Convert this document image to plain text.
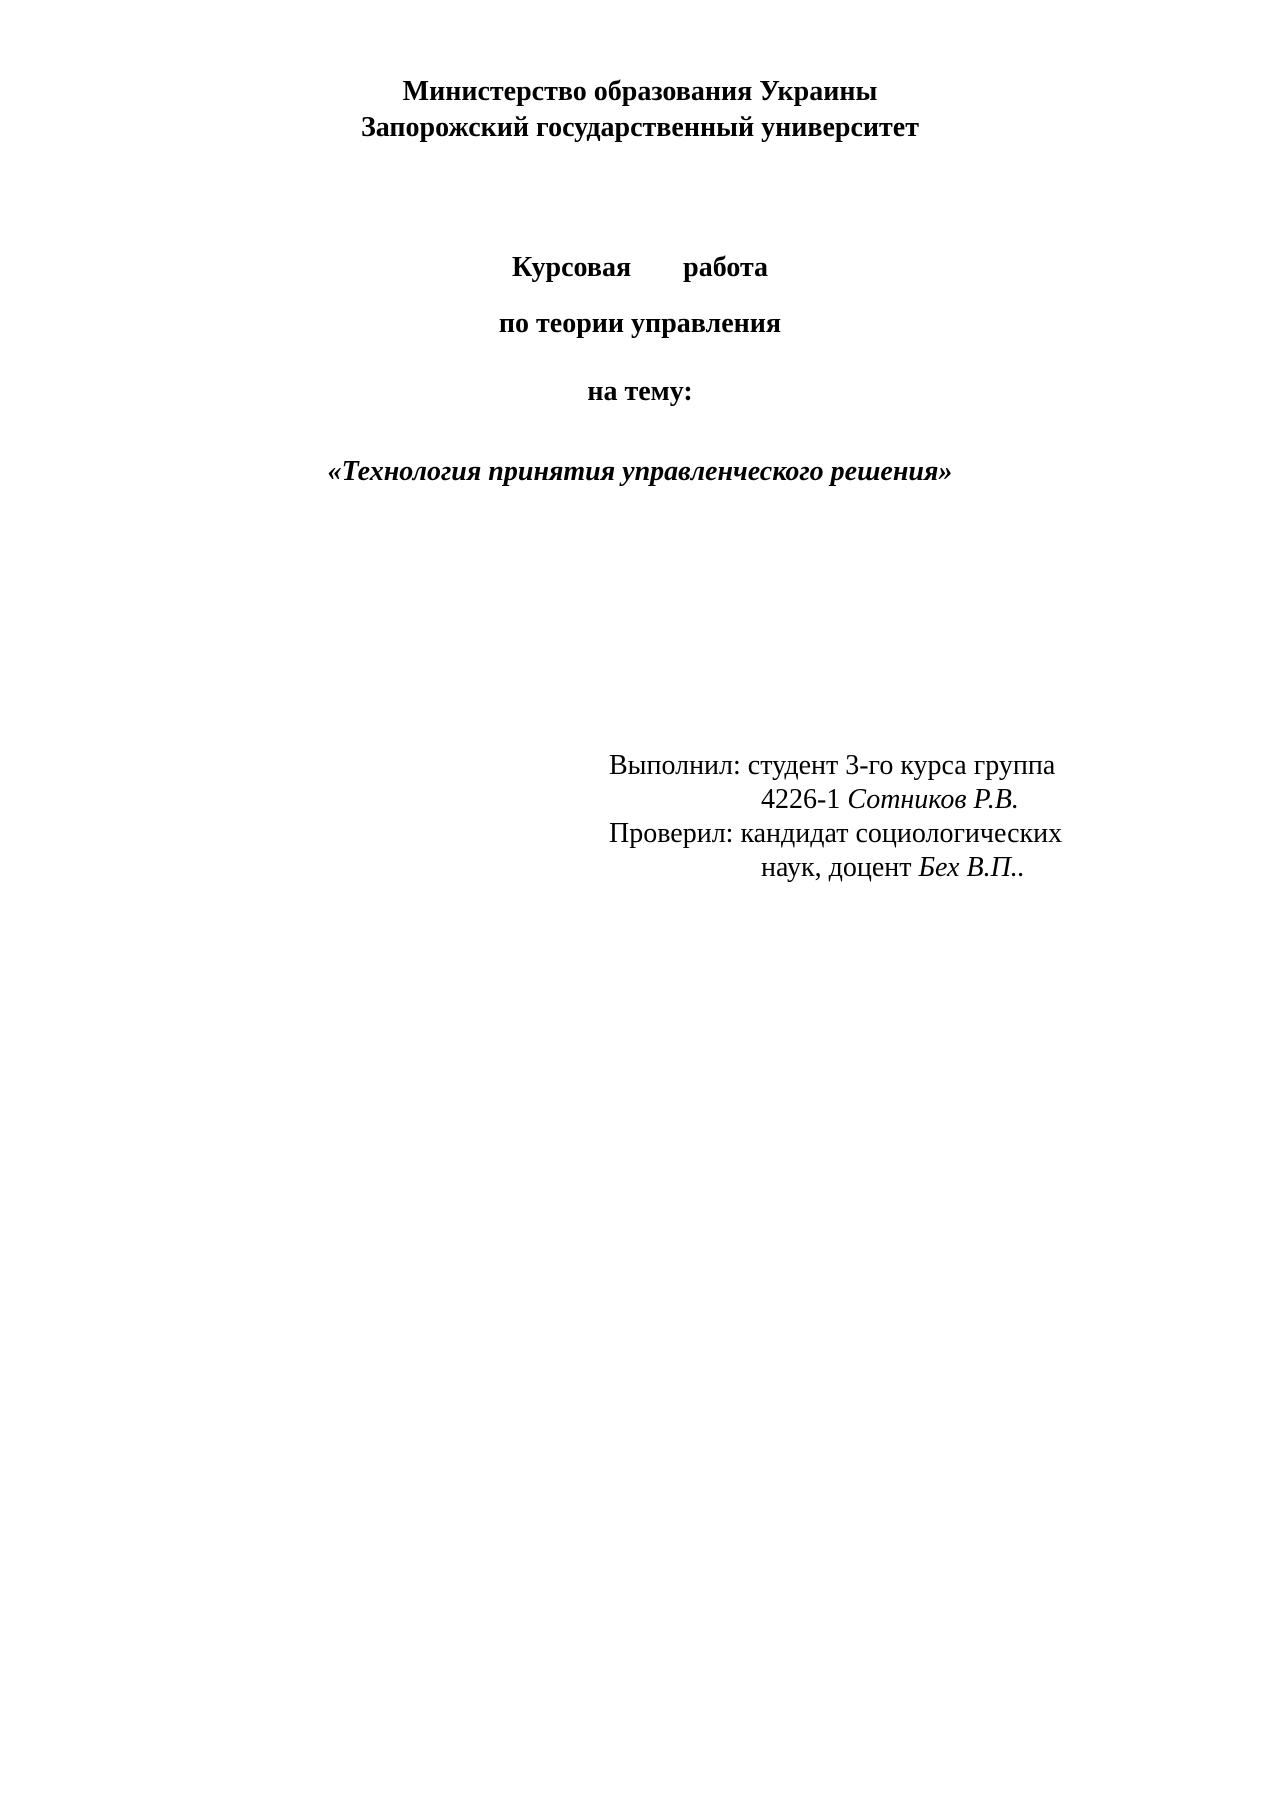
Министерство образования Украины
Запорожский государственный университет
Курсовая работа
по теории управления
на тему:
«Технология принятия управленческого решения»
Выполнил: студент 3-го курса группа
4226-1 Сотников Р.В.
Проверил: кандидат социологических
наук, доцент Бех В.П..
